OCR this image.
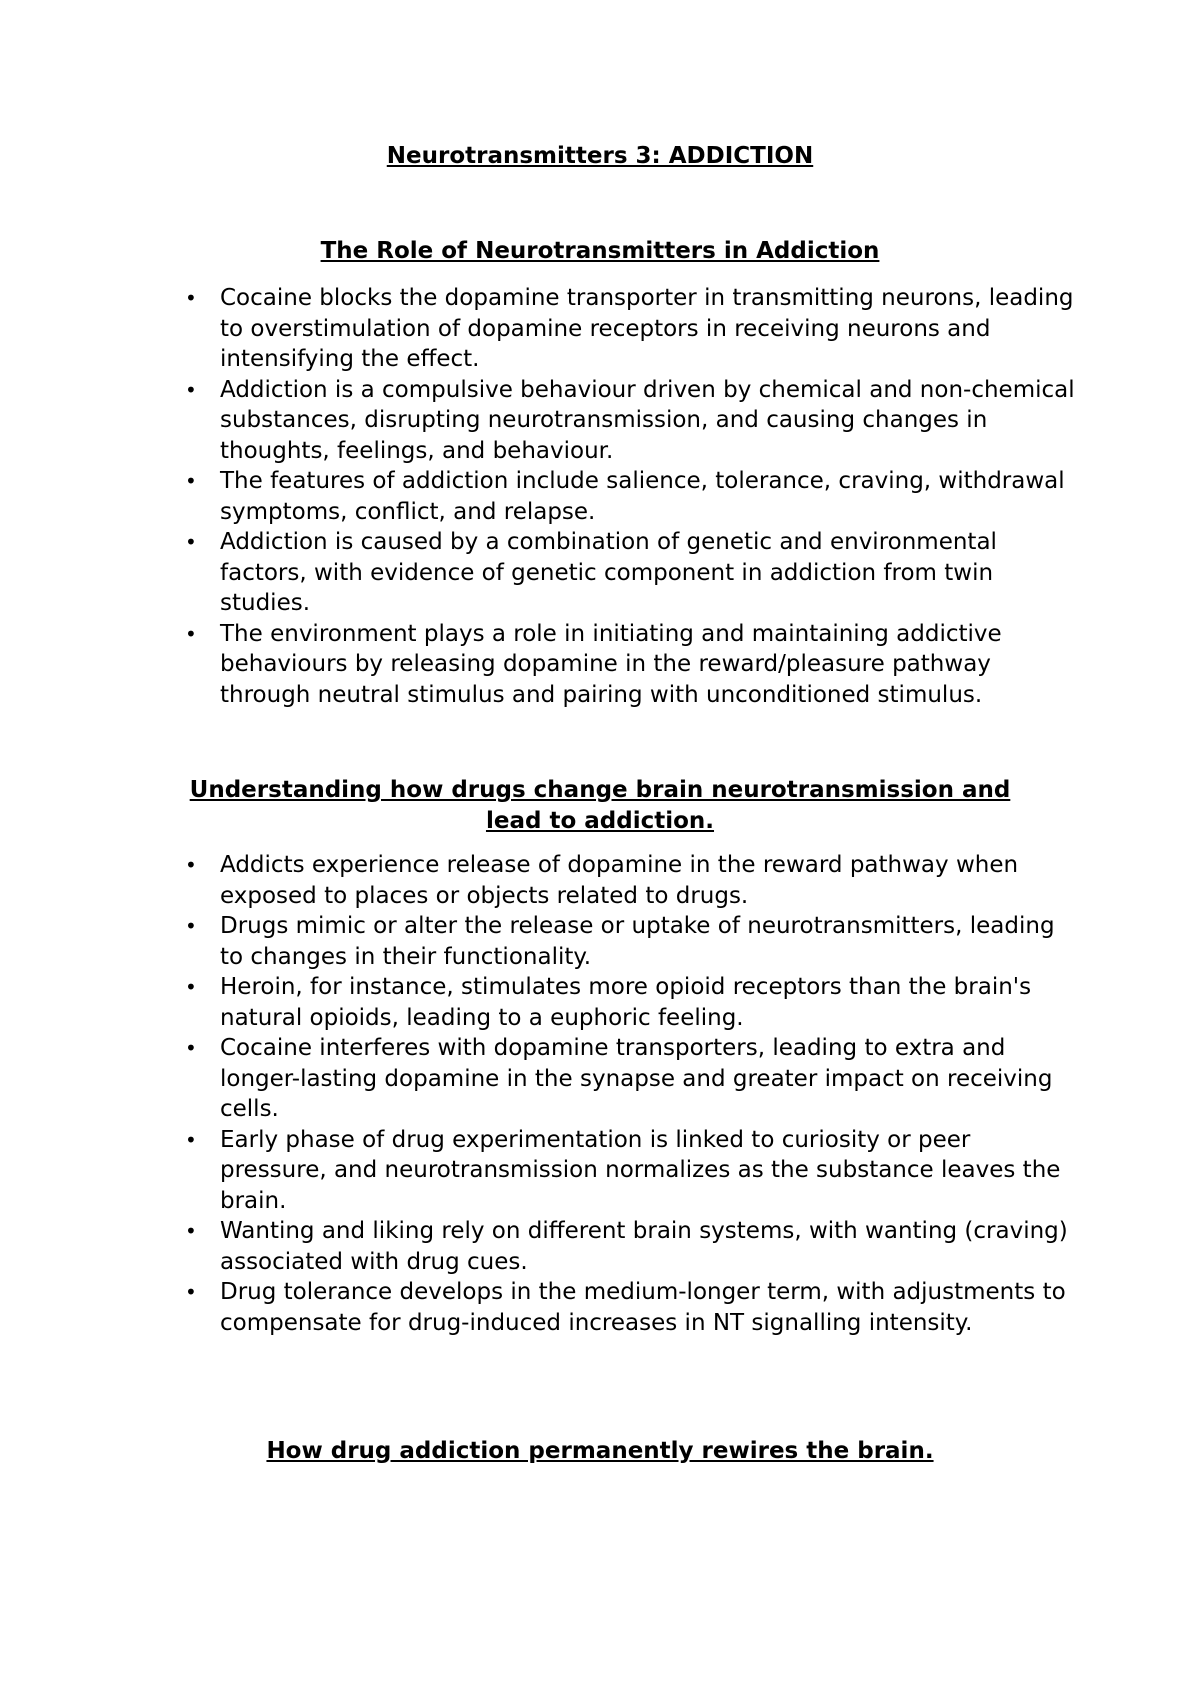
Neurotransmitters 3: ADDICTION
The Role of Neurotransmitters in Addiction
• Cocaine blocks the dopamine transporter in transmitting neurons, leading to overstimulation of dopamine receptors in receiving neurons and intensifying the effect.
• Addiction is a compulsive behaviour driven by chemical and non-chemical substances, disrupting neurotransmission, and causing changes in thoughts, feelings, and behaviour.
• The features of addiction include salience, tolerance, craving, withdrawal symptoms, conflict, and relapse.
• Addiction is caused by a combination of genetic and environmental factors, with evidence of genetic component in addiction from twin studies.
• The environment plays a role in initiating and maintaining addictive behaviours by releasing dopamine in the reward/pleasure pathway through neutral stimulus and pairing with unconditioned stimulus.
Understanding how drugs change brain neurotransmission and lead to addiction.
• Addicts experience release of dopamine in the reward pathway when exposed to places or objects related to drugs.
• Drugs mimic or alter the release or uptake of neurotransmitters, leading to changes in their functionality.
• Heroin, for instance, stimulates more opioid receptors than the brain's natural opioids, leading to a euphoric feeling.
• Cocaine interferes with dopamine transporters, leading to extra and longer-lasting dopamine in the synapse and greater impact on receiving cells.
• Early phase of drug experimentation is linked to curiosity or peer pressure, and neurotransmission normalizes as the substance leaves the brain.
• Wanting and liking rely on different brain systems, with wanting (craving) associated with drug cues.
• Drug tolerance develops in the medium-longer term, with adjustments to compensate for drug-induced increases in NT signalling intensity.
How drug addiction permanently rewires the brain.
